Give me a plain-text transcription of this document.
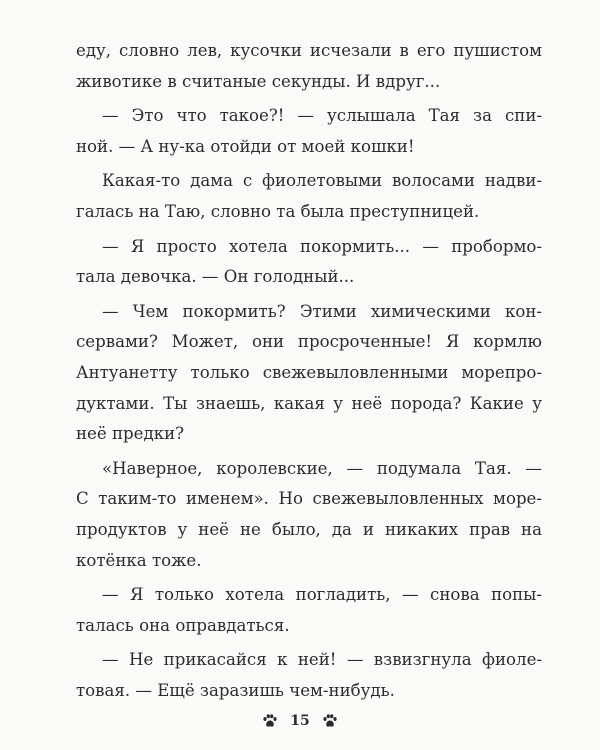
еду, словно лев, кусочки исчезали в его пушистом
животике в считаные секунды. И вдруг...
— Это что такое?! — услышала Тая за спи-
ной. — А ну-ка отойди от моей кошки!
Какая-то дама с фиолетовыми волосами надви-
галась на Таю, словно та была преступницей.
— Я просто хотела покормить... — пробормо-
тала девочка. — Он голодный...
— Чем покормить? Этими химическими кон-
сервами? Может, они просроченные! Я кормлю
Антуанетту только свежевыловленными морепро-
дуктами. Ты знаешь, какая у неё порода? Какие у
неё предки?
«Наверное, королевские, — подумала Тая. —
С таким-то именем». Но свежевыловленных море-
продуктов у неё не было, да и никаких прав на
котёнка тоже.
— Я только хотела погладить, — снова попы-
талась она оправдаться.
— Не прикасайся к ней! — взвизгнула фиоле-
товая. — Ещё заразишь чем-нибудь.
15
